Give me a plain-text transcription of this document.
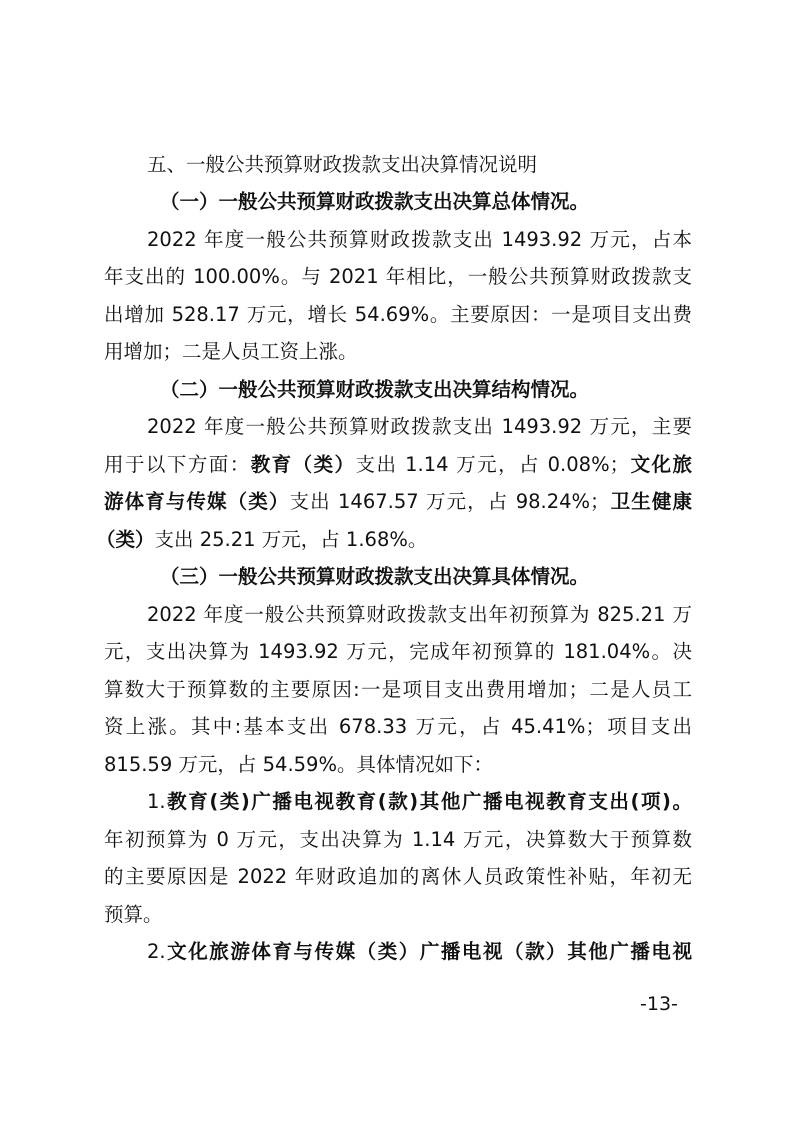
五、一般公共预算财政拨款支出决算情况说明
（一）一般公共预算财政拨款支出决算总体情况。
2022 年度一般公共预算财政拨款支出 1493.92 万元，占本
年支出的 100.00%。与 2021 年相比，一般公共预算财政拨款支
出增加 528.17 万元，增长 54.69%。主要原因：一是项目支出费
用增加；二是人员工资上涨。
（二）一般公共预算财政拨款支出决算结构情况。
2022 年度一般公共预算财政拨款支出 1493.92 万元，主要
用于以下方面：教育（类）支出 1.14 万元，占 0.08%；文化旅
游体育与传媒（类）支出 1467.57 万元，占 98.24%；卫生健康
（类）支出 25.21 万元，占 1.68%。
（三）一般公共预算财政拨款支出决算具体情况。
2022 年度一般公共预算财政拨款支出年初预算为 825.21 万
元，支出决算为 1493.92 万元，完成年初预算的 181.04%。决
算数大于预算数的主要原因:一是项目支出费用增加；二是人员工
资上涨。其中:基本支出 678.33 万元，占 45.41%；项目支出
815.59 万元，占 54.59%。具体情况如下：
1.教育(类)广播电视教育(款)其他广播电视教育支出(项)。
年初预算为 0 万元，支出决算为 1.14 万元，决算数大于预算数
的主要原因是 2022 年财政追加的离休人员政策性补贴，年初无
预算。
2.文化旅游体育与传媒（类）广播电视（款）其他广播电视
-13-
